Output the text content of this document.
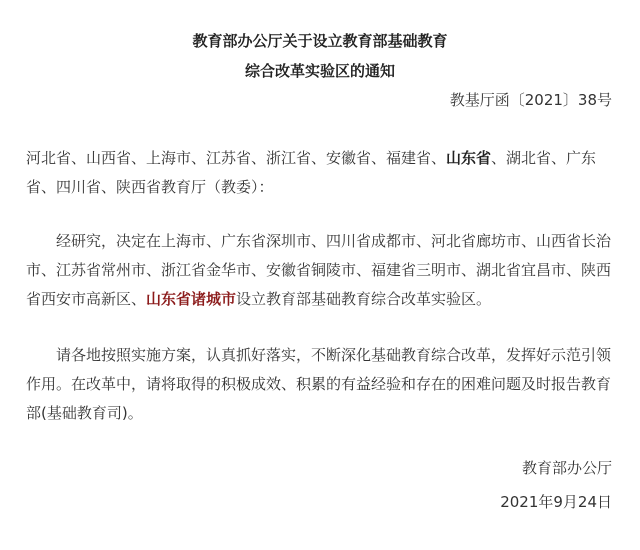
教育部办公厅关于设立教育部基础教育
综合改革实验区的通知
教基厅函〔2021〕38号
河北省、山西省、上海市、江苏省、浙江省、安徽省、福建省、山东省、湖北省、广东省、四川省、陕西省教育厅（教委）：
经研究，决定在上海市、广东省深圳市、四川省成都市、河北省廊坊市、山西省长治市、江苏省常州市、浙江省金华市、安徽省铜陵市、福建省三明市、湖北省宜昌市、陕西省西安市高新区、山东省诸城市设立教育部基础教育综合改革实验区。
请各地按照实施方案，认真抓好落实，不断深化基础教育综合改革，发挥好示范引领作用。在改革中，请将取得的积极成效、积累的有益经验和存在的困难问题及时报告教育部(基础教育司)。
教育部办公厅
2021年9月24日
